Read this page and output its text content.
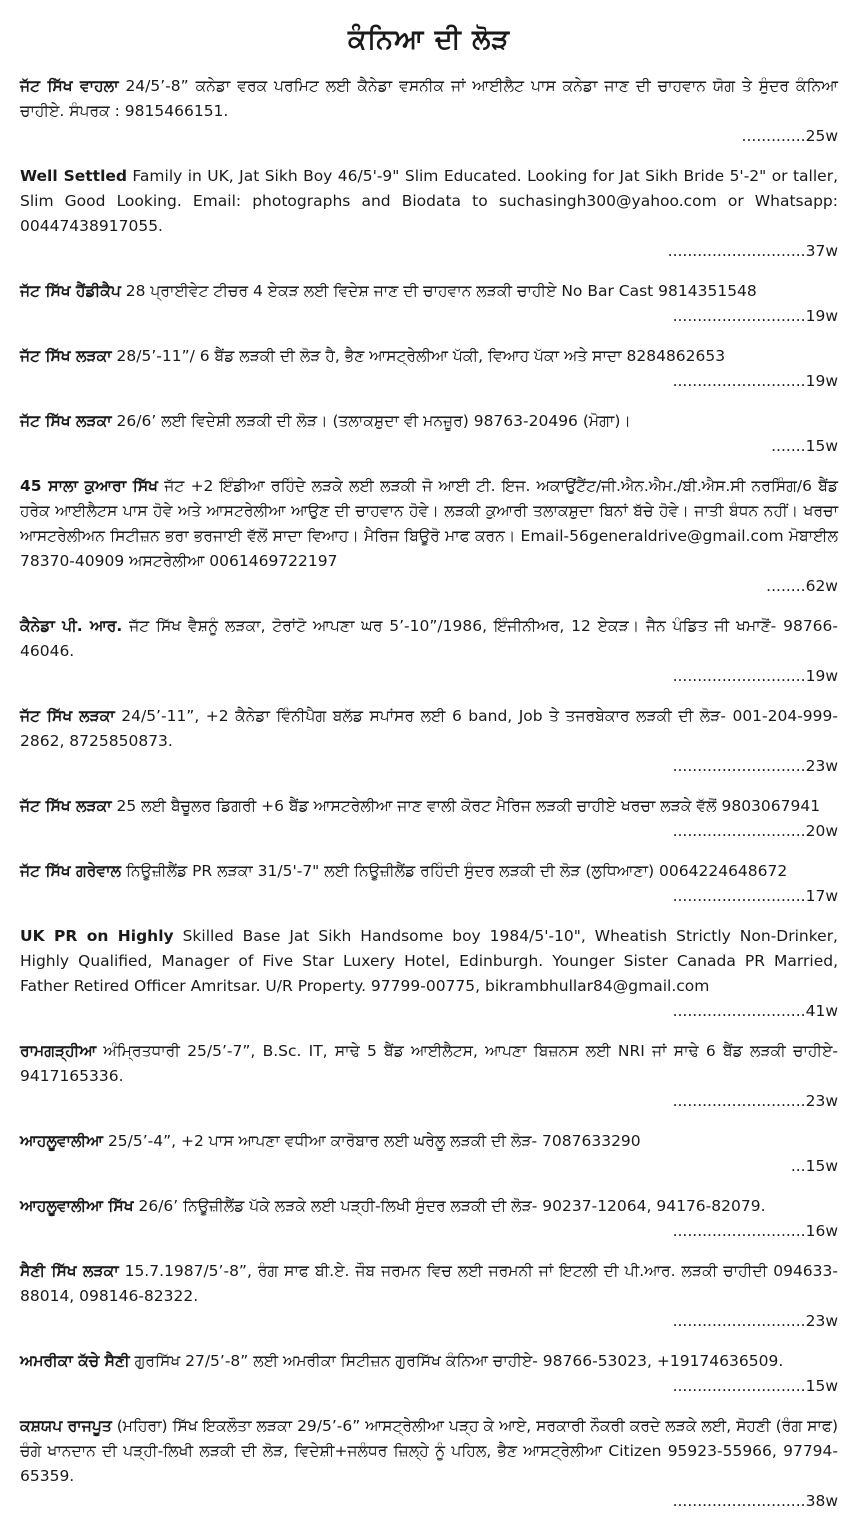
ਕੰਨਿਆ ਦੀ ਲੋੜ
ਜੱਟ ਸਿੱਖ ਵਾਹਲਾ 24/5’-8” ਕਨੇਡਾ ਵਰਕ ਪਰਮਿਟ ਲਈ ਕੈਨੇਡਾ ਵਸਨੀਕ ਜਾਂ ਆਈਲੈਟ ਪਾਸ ਕਨੇਡਾ ਜਾਣ ਦੀ ਚਾਹਵਾਨ ਯੋਗ ਤੇ ਸੁੰਦਰ ਕੰਨਿਆ ਚਾਹੀਏ. ਸੰਪਰਕ : 9815466151.
.............25w
Well Settled Family in UK, Jat Sikh Boy 46/5'-9" Slim Educated. Looking for Jat Sikh Bride 5'-2" or taller, Slim Good Looking. Email: photographs and Biodata to suchasingh300@yahoo.com or Whatsapp: 00447438917055.
............................37w
ਜੱਟ ਸਿੱਖ ਹੈਂਡੀਕੈਪ 28 ਪ੍ਰਾਈਵੇਟ ਟੀਚਰ 4 ਏਕੜ ਲਈ ਵਿਦੇਸ਼ ਜਾਣ ਦੀ ਚਾਹਵਾਨ ਲੜਕੀ ਚਾਹੀਏ No Bar Cast 9814351548
...........................19w
ਜੱਟ ਸਿੱਖ ਲੜਕਾ 28/5’-11”/ 6 ਬੈਂਡ ਲੜਕੀ ਦੀ ਲੋੜ ਹੈ, ਭੈਣ ਆਸਟ੍ਰੇਲੀਆ ਪੱਕੀ, ਵਿਆਹ ਪੱਕਾ ਅਤੇ ਸਾਦਾ 8284862653
...........................19w
ਜੱਟ ਸਿੱਖ ਲੜਕਾ 26/6’ ਲਈ ਵਿਦੇਸ਼ੀ ਲੜਕੀ ਦੀ ਲੋੜ। (ਤਲਾਕਸ਼ੁਦਾ ਵੀ ਮਨਜ਼ੂਰ) 98763-20496 (ਮੋਗਾ)।
.......15w
45 ਸਾਲਾ ਕੁਆਰਾ ਸਿੱਖ ਜੱਟ +2 ਇੰਡੀਆ ਰਹਿੰਦੇ ਲੜਕੇ ਲਈ ਲੜਕੀ ਜੋ ਆਈ ਟੀ. ਇਜ. ਅਕਾਉਂਟੈਂਟ/ਜੀ.ਐਨ.ਐਮ./ਬੀ.ਐਸ.ਸੀ ਨਰਸਿੰਗ/6 ਬੈਂਡ ਹਰੇਕ ਆਈਲੈਟਸ ਪਾਸ ਹੋਵੇ ਅਤੇ ਆਸਟਰੇਲੀਆ ਆਉਣ ਦੀ ਚਾਹਵਾਨ ਹੋਵੇ। ਲੜਕੀ ਕੁਆਰੀ ਤਲਾਕਸ਼ੁਦਾ ਬਿਨਾਂ ਬੱਚੇ ਹੋਵੇ। ਜਾਤੀ ਬੰਧਨ ਨਹੀਂ। ਖਰਚਾ ਆਸਟਰੇਲੀਅਨ ਸਿਟੀਜ਼ਨ ਭਰਾ ਭਰਜਾਈ ਵੱਲੋਂ ਸਾਦਾ ਵਿਆਹ। ਮੈਰਿਜ ਬਿਊਰੋ ਮਾਫ ਕਰਨ। Email-56generaldrive@gmail.com ਮੋਬਾਈਲ 78370-40909 ਅਸਟਰੇਲੀਆ 0061469722197
........62w
ਕੈਨੇਡਾ ਪੀ. ਆਰ. ਜੱਟ ਸਿੱਖ ਵੈਸ਼ਨੂੰ ਲੜਕਾ, ਟੋਰਾਂਟੋ ਆਪਣਾ ਘਰ 5’-10”/1986, ਇੰਜੀਨੀਅਰ, 12 ਏਕੜ। ਜੈਨ ਪੰਡਿਤ ਜੀ ਖਮਾਣੋਂ- 98766-46046.
...........................19w
ਜੱਟ ਸਿੱਖ ਲੜਕਾ 24/5’-11”, +2 ਕੈਨੇਡਾ ਵਿੰਨੀਪੈਗ ਬਲੱਡ ਸਪਾਂਸਰ ਲਈ 6 band, Job ਤੇ ਤਜਰਬੇਕਾਰ ਲੜਕੀ ਦੀ ਲੋੜ- 001-204-999-2862, 8725850873.
...........................23w
ਜੱਟ ਸਿੱਖ ਲੜਕਾ 25 ਲਈ ਬੈਚੂਲਰ ਡਿਗਰੀ +6 ਬੈਂਡ ਆਸਟਰੇਲੀਆ ਜਾਣ ਵਾਲੀ ਕੋਰਟ ਮੈਰਿਜ ਲੜਕੀ ਚਾਹੀਏ ਖਰਚਾ ਲੜਕੇ ਵੱਲੋਂ 9803067941
...........................20w
ਜੱਟ ਸਿੱਖ ਗਰੇਵਾਲ ਨਿਊਜ਼ੀਲੈਂਡ PR ਲੜਕਾ 31/5'-7" ਲਈ ਨਿਊਜ਼ੀਲੈਂਡ ਰਹਿੰਦੀ ਸੁੰਦਰ ਲੜਕੀ ਦੀ ਲੋੜ (ਲੁਧਿਆਣਾ) 0064224648672
...........................17w
UK PR on Highly Skilled Base Jat Sikh Handsome boy 1984/5'-10", Wheatish Strictly Non-Drinker, Highly Qualified, Manager of Five Star Luxery Hotel, Edinburgh. Younger Sister Canada PR Married, Father Retired Officer Amritsar. U/R Property. 97799-00775, bikrambhullar84@gmail.com
...........................41w
ਰਾਮਗੜ੍ਹੀਆ ਅੰਮ੍ਰਿਤਧਾਰੀ 25/5’-7”, B.Sc. IT, ਸਾਢੇ 5 ਬੈਂਡ ਆਈਲੈਟਸ, ਆਪਣਾ ਬਿਜ਼ਨਸ ਲਈ NRI ਜਾਂ ਸਾਢੇ 6 ਬੈਂਡ ਲੜਕੀ ਚਾਹੀਏ- 9417165336.
...........................23w
ਆਹਲੂਵਾਲੀਆ 25/5’-4”, +2 ਪਾਸ ਆਪਣਾ ਵਧੀਆ ਕਾਰੋਬਾਰ ਲਈ ਘਰੇਲੂ ਲੜਕੀ ਦੀ ਲੋੜ- 7087633290
...15w
ਆਹਲੂਵਾਲੀਆ ਸਿੱਖ 26/6’ ਨਿਊਜ਼ੀਲੈਂਡ ਪੱਕੇ ਲੜਕੇ ਲਈ ਪੜ੍ਹੀ-ਲਿਖੀ ਸੁੰਦਰ ਲੜਕੀ ਦੀ ਲੋੜ- 90237-12064, 94176-82079.
...........................16w
ਸੈਣੀ ਸਿੱਖ ਲੜਕਾ 15.7.1987/5’-8”, ਰੰਗ ਸਾਫ ਬੀ.ਏ. ਜੌਬ ਜਰਮਨ ਵਿਚ ਲਈ ਜਰਮਨੀ ਜਾਂ ਇਟਲੀ ਦੀ ਪੀ.ਆਰ. ਲੜਕੀ ਚਾਹੀਦੀ 094633-88014, 098146-82322.
...........................23w
ਅਮਰੀਕਾ ਕੱਚੇ ਸੈਣੀ ਗੁਰਸਿੱਖ 27/5’-8” ਲਈ ਅਮਰੀਕਾ ਸਿਟੀਜ਼ਨ ਗੁਰਸਿੱਖ ਕੰਨਿਆ ਚਾਹੀਏ- 98766-53023, +19174636509.
...........................15w
ਕਸ਼ਯਪ ਰਾਜਪੂਤ (ਮਹਿਰਾ) ਸਿੱਖ ਇਕਲੌਤਾ ਲੜਕਾ 29/5’-6” ਆਸਟ੍ਰੇਲੀਆ ਪੜ੍ਹ ਕੇ ਆਏ, ਸਰਕਾਰੀ ਨੌਕਰੀ ਕਰਦੇ ਲੜਕੇ ਲਈ, ਸੋਹਣੀ (ਰੰਗ ਸਾਫ) ਚੰਗੇ ਖਾਨਦਾਨ ਦੀ ਪੜ੍ਹੀ-ਲਿਖੀ ਲੜਕੀ ਦੀ ਲੋੜ, ਵਿਦੇਸ਼ੀ+ਜਲੰਧਰ ਜ਼ਿਲ੍ਹੇ ਨੂੰ ਪਹਿਲ, ਭੈਣ ਆਸਟ੍ਰੇਲੀਆ Citizen 95923-55966, 97794-65359.
...........................38w
